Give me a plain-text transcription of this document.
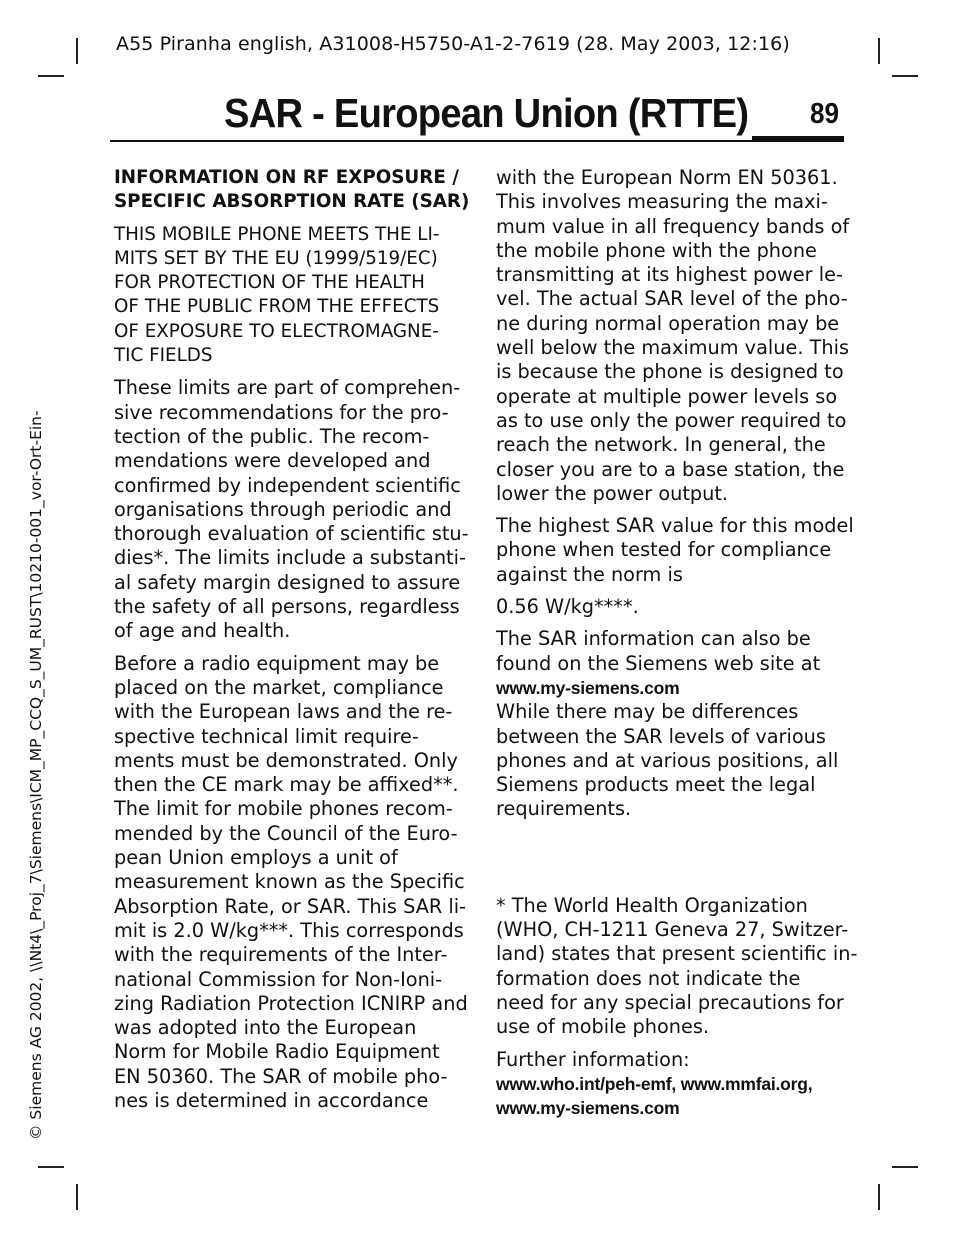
A55 Piranha english, A31008-H5750-A1-2-7619 (28. May 2003, 12:16)
SAR - European Union (RTTE) 89
© Siemens AG 2002, \\Nt4\_Proj_7\Siemens\ICM_MP_CCQ_S_UM_RUST\10210-001_vor-Ort-Ein-

INFORMATION ON RF EXPOSURE /
SPECIFIC ABSORPTION RATE (SAR)

THIS MOBILE PHONE MEETS THE LI-
MITS SET BY THE EU (1999/519/EC)
FOR PROTECTION OF THE HEALTH
OF THE PUBLIC FROM THE EFFECTS
OF EXPOSURE TO ELECTROMAGNE-
TIC FIELDS

These limits are part of comprehen-
sive recommendations for the pro-
tection of the public. The recom-
mendations were developed and
confirmed by independent scientific
organisations through periodic and
thorough evaluation of scientific stu-
dies*. The limits include a substanti-
al safety margin designed to assure
the safety of all persons, regardless
of age and health.

Before a radio equipment may be
placed on the market, compliance
with the European laws and the re-
spective technical limit require-
ments must be demonstrated. Only
then the CE mark may be affixed**.
The limit for mobile phones recom-
mended by the Council of the Euro-
pean Union employs a unit of
measurement known as the Specific
Absorption Rate, or SAR. This SAR li-
mit is 2.0 W/kg***. This corresponds
with the requirements of the Inter-
national Commission for Non-Ioni-
zing Radiation Protection ICNIRP and
was adopted into the European
Norm for Mobile Radio Equipment
EN 50360. The SAR of mobile pho-
nes is determined in accordance

with the European Norm EN 50361.
This involves measuring the maxi-
mum value in all frequency bands of
the mobile phone with the phone
transmitting at its highest power le-
vel. The actual SAR level of the pho-
ne during normal operation may be
well below the maximum value. This
is because the phone is designed to
operate at multiple power levels so
as to use only the power required to
reach the network. In general, the
closer you are to a base station, the
lower the power output.

The highest SAR value for this model
phone when tested for compliance
against the norm is

0.56 W/kg****.

The SAR information can also be
found on the Siemens web site at
www.my-siemens.com
While there may be differences
between the SAR levels of various
phones and at various positions, all
Siemens products meet the legal
requirements.

* The World Health Organization
(WHO, CH-1211 Geneva 27, Switzer-
land) states that present scientific in-
formation does not indicate the
need for any special precautions for
use of mobile phones.

Further information:
www.who.int/peh-emf, www.mmfai.org,
www.my-siemens.com
